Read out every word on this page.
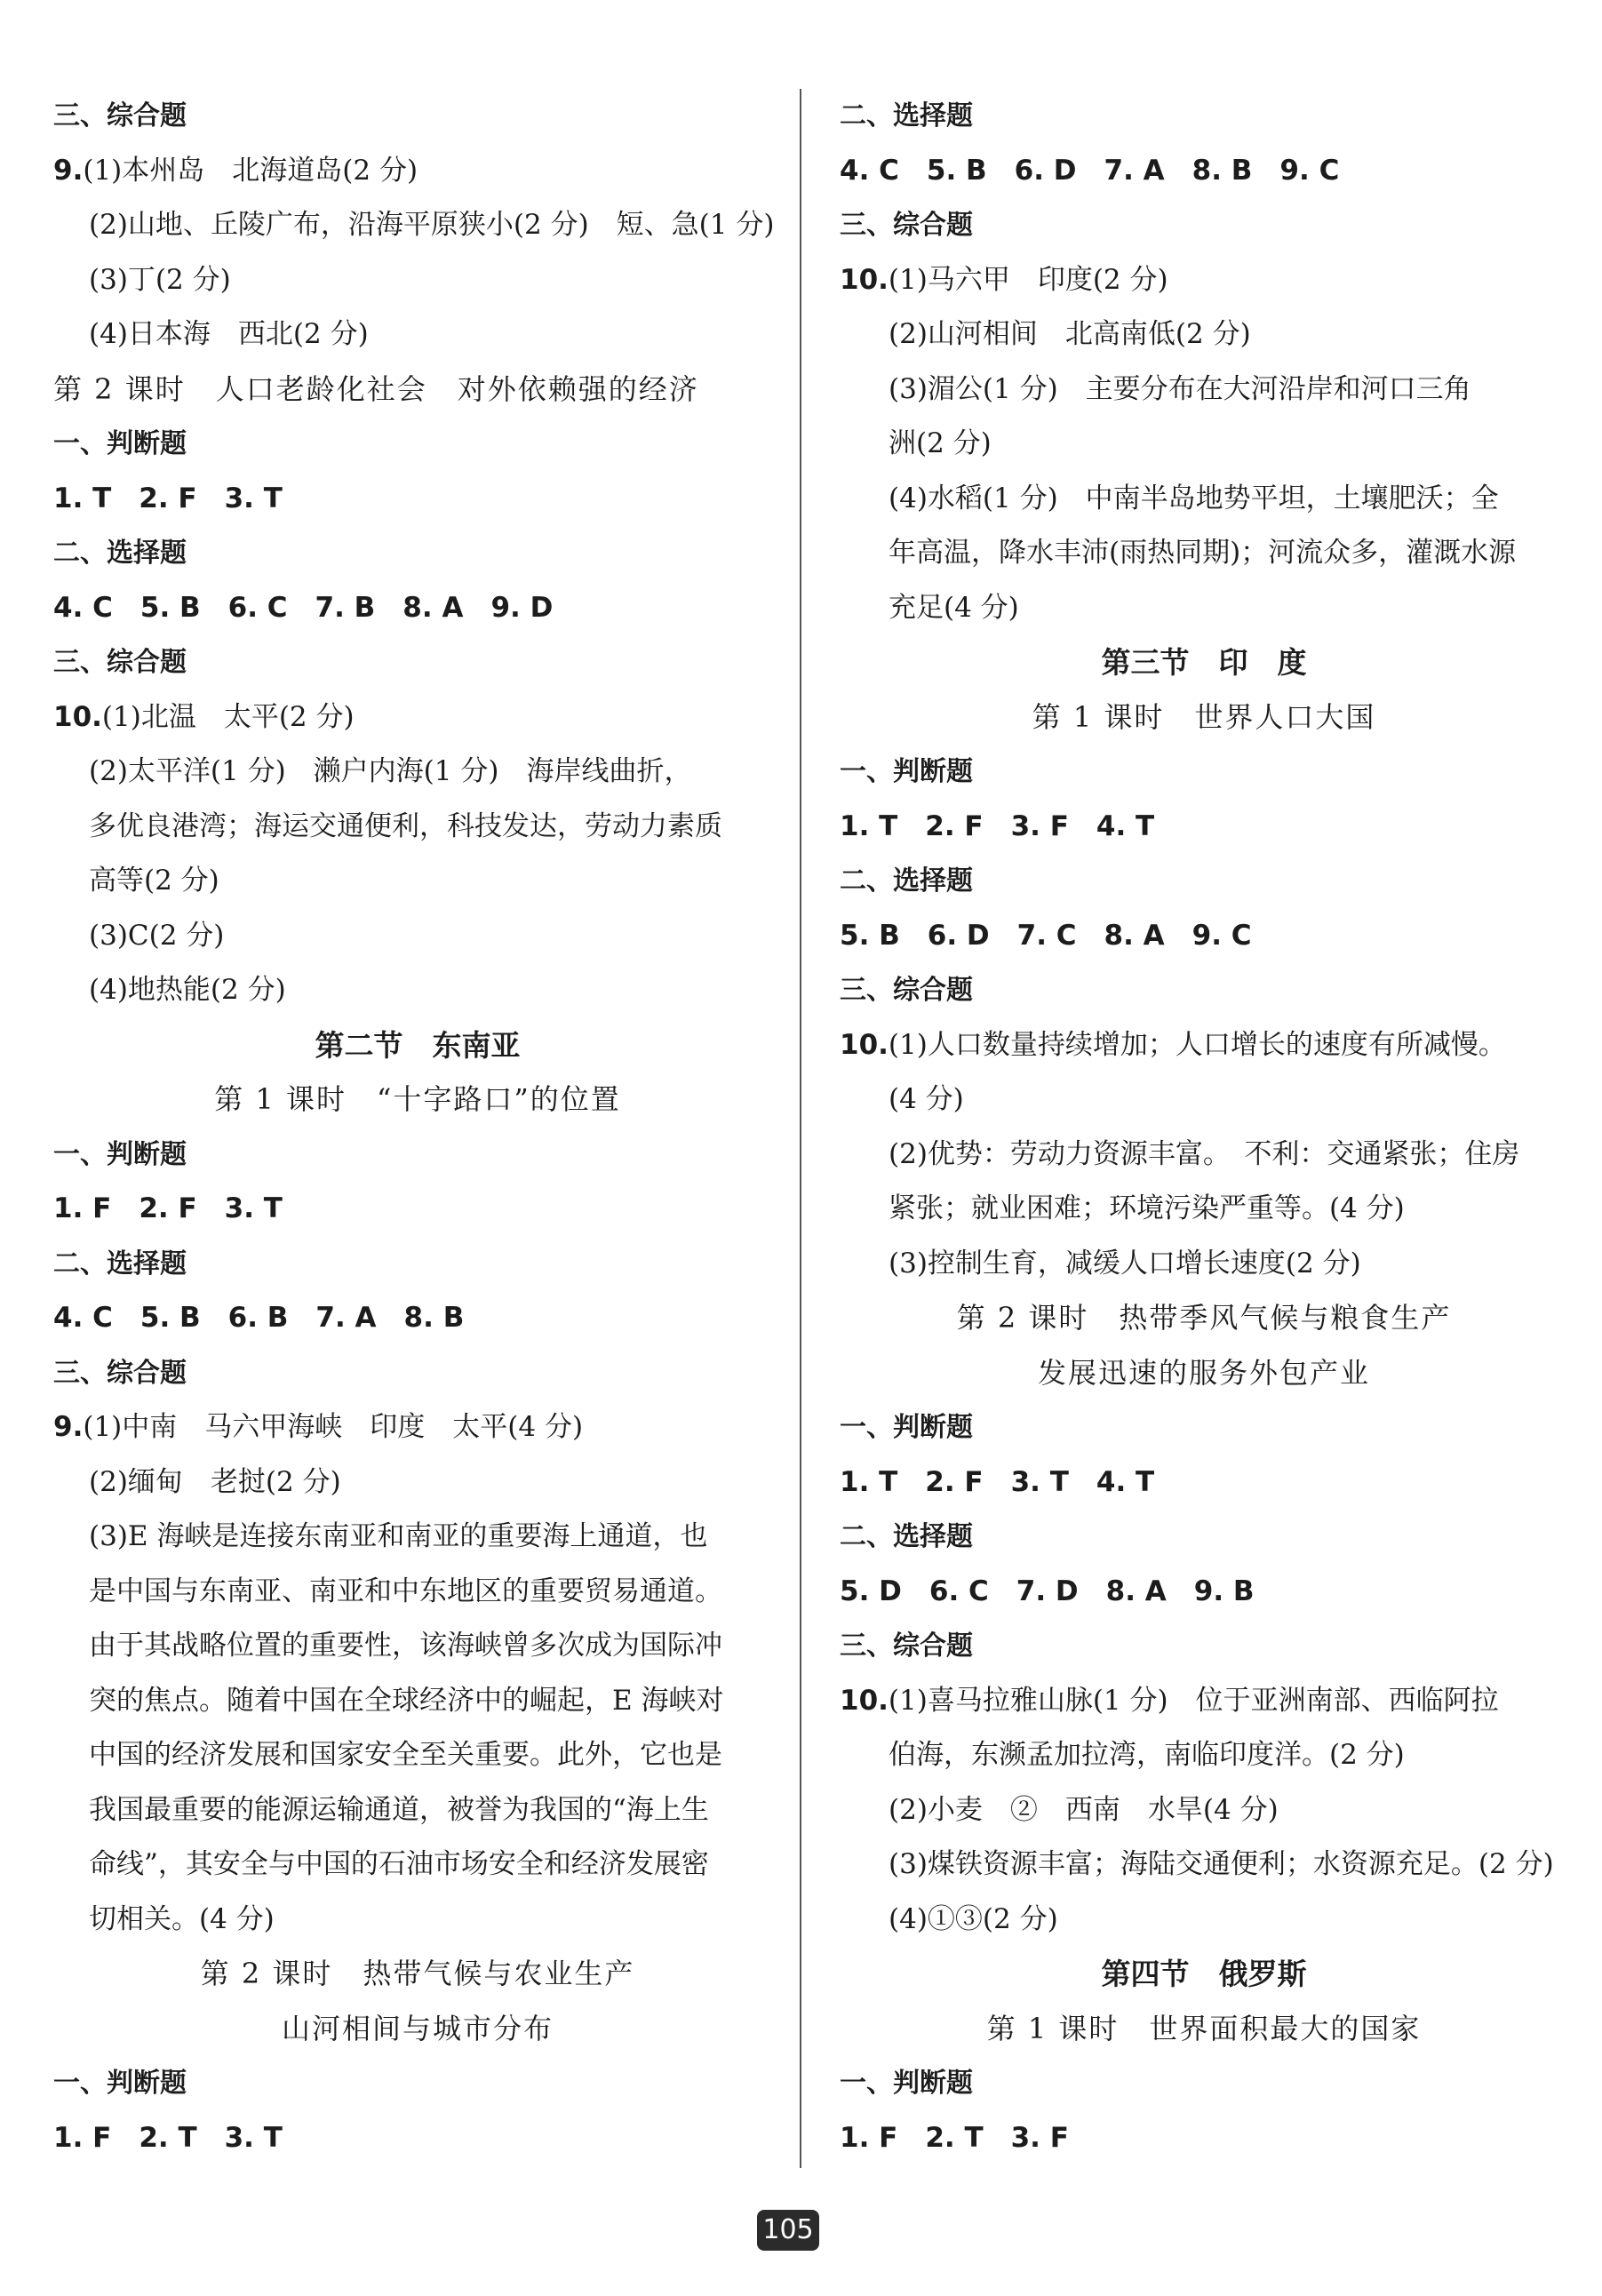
三、综合题
9.(1)本州岛　北海道岛(2 分)
(2)山地、丘陵广布，沿海平原狭小(2 分)　短、急(1 分)
(3)丁(2 分)
(4)日本海　西北(2 分)
第 2 课时　人口老龄化社会　对外依赖强的经济
一、判断题
1. T　2. F　3. T
二、选择题
4. C　5. B　6. C　7. B　8. A　9. D
三、综合题
10.(1)北温　太平(2 分)
(2)太平洋(1 分)　濑户内海(1 分)　海岸线曲折，
多优良港湾；海运交通便利，科技发达，劳动力素质
高等(2 分)
(3)C(2 分)
(4)地热能(2 分)
第二节　东南亚
第 1 课时　“十字路口”的位置
一、判断题
1. F　2. F　3. T
二、选择题
4. C　5. B　6. B　7. A　8. B
三、综合题
9.(1)中南　马六甲海峡　印度　太平(4 分)
(2)缅甸　老挝(2 分)
(3)E 海峡是连接东南亚和南亚的重要海上通道，也
是中国与东南亚、南亚和中东地区的重要贸易通道。
由于其战略位置的重要性，该海峡曾多次成为国际冲
突的焦点。随着中国在全球经济中的崛起，E 海峡对
中国的经济发展和国家安全至关重要。此外，它也是
我国最重要的能源运输通道，被誉为我国的“海上生
命线”，其安全与中国的石油市场安全和经济发展密
切相关。(4 分)
第 2 课时　热带气候与农业生产
山河相间与城市分布
一、判断题
1. F　2. T　3. T
二、选择题
4. C　5. B　6. D　7. A　8. B　9. C
三、综合题
10.(1)马六甲　印度(2 分)
(2)山河相间　北高南低(2 分)
(3)湄公(1 分)　主要分布在大河沿岸和河口三角
洲(2 分)
(4)水稻(1 分)　中南半岛地势平坦，土壤肥沃；全
年高温，降水丰沛(雨热同期)；河流众多，灌溉水源
充足(4 分)
第三节　印　度
第 1 课时　世界人口大国
一、判断题
1. T　2. F　3. F　4. T
二、选择题
5. B　6. D　7. C　8. A　9. C
三、综合题
10.(1)人口数量持续增加；人口增长的速度有所减慢。
(4 分)
(2)优势：劳动力资源丰富。　不利：交通紧张；住房
紧张；就业困难；环境污染严重等。(4 分)
(3)控制生育，减缓人口增长速度(2 分)
第 2 课时　热带季风气候与粮食生产
发展迅速的服务外包产业
一、判断题
1. T　2. F　3. T　4. T
二、选择题
5. D　6. C　7. D　8. A　9. B
三、综合题
10.(1)喜马拉雅山脉(1 分)　位于亚洲南部、西临阿拉
伯海，东濒孟加拉湾，南临印度洋。(2 分)
(2)小麦　②　西南　水旱(4 分)
(3)煤铁资源丰富；海陆交通便利；水资源充足。(2 分)
(4)①③(2 分)
第四节　俄罗斯
第 1 课时　世界面积最大的国家
一、判断题
1. F　2. T　3. F
105
